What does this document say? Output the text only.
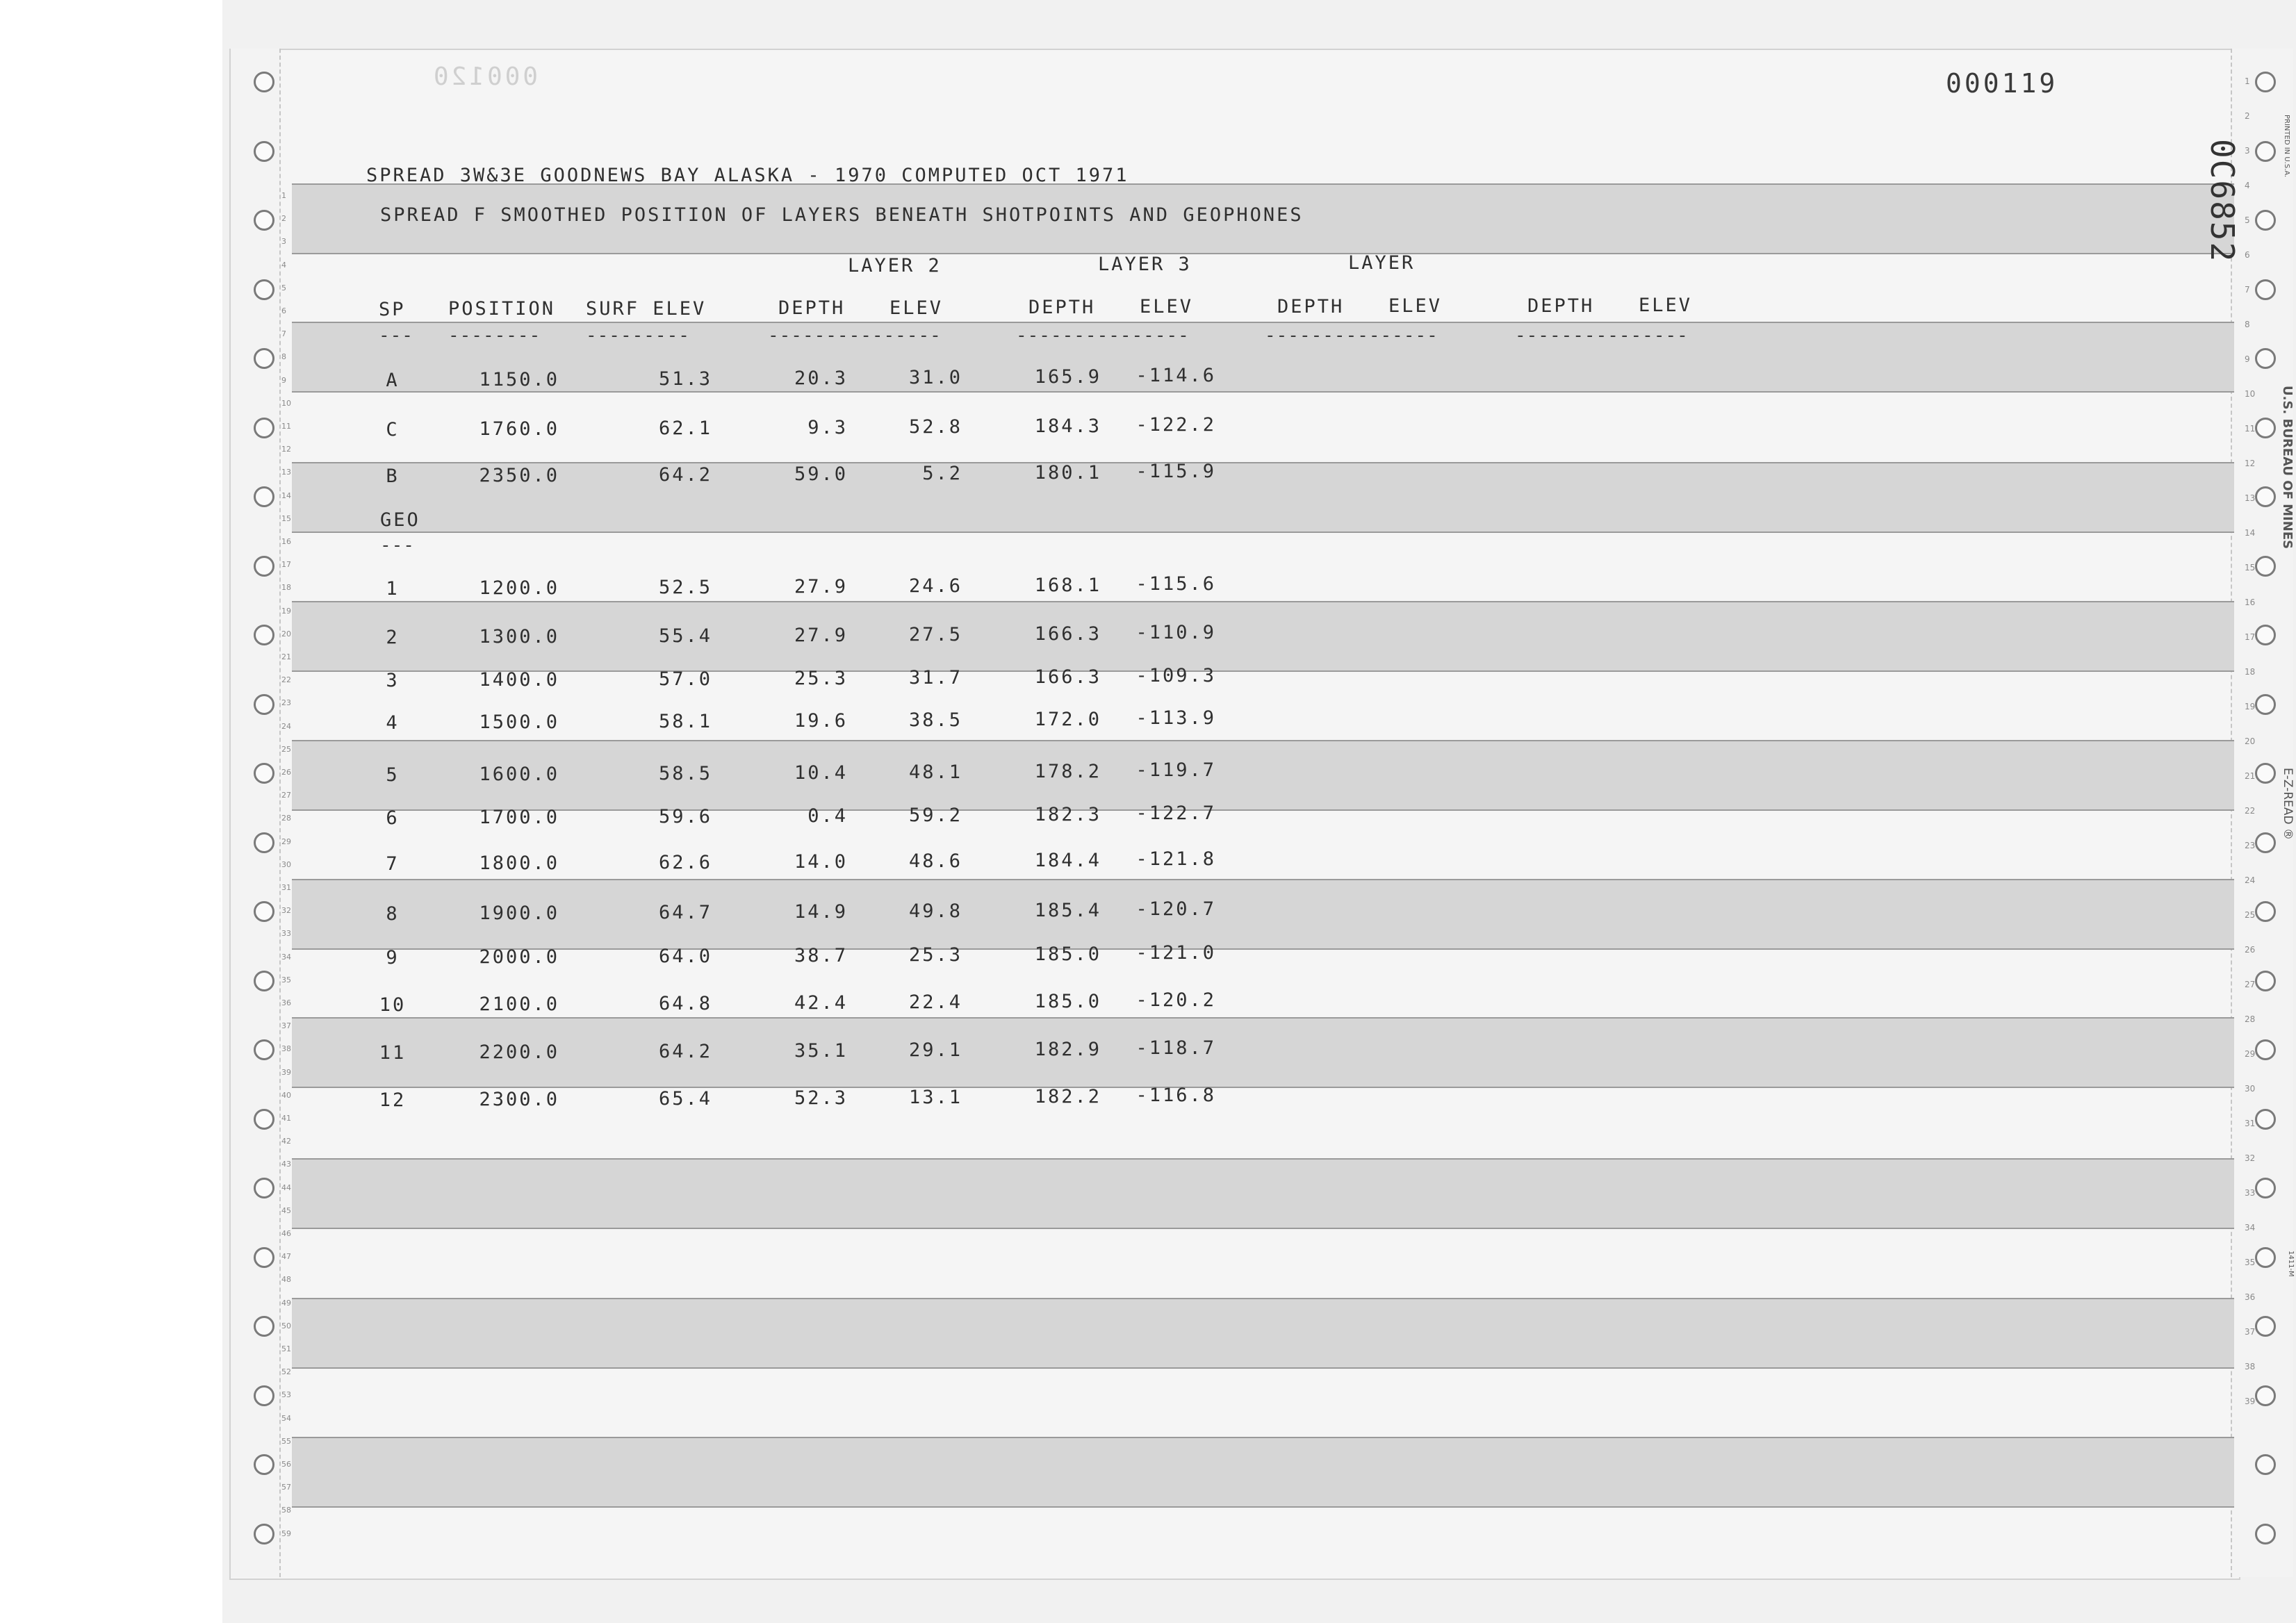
1
2
3
4
5
6
7
8
9
10
11
12
13
14
15
16
17
18
19
20
21
22
23
24
25
26
27
28
29
30
31
32
33
34
35
36
37
38
39
40
41
42
43
44
45
46
47
48
49
50
51
52
53
54
55
56
57
58
59
1
2
3
4
5
6
7
8
9
10
11
12
13
14
15
16
17
18
19
20
21
22
23
24
25
26
27
28
29
30
31
32
33
34
35
36
37
38
39
000120	000119
0C6852	PRINTED IN U.S.A.
U.S. BUREAU OF MINES
E-Z-READ ®
1411-M
SPREAD 3W&3E GOODNEWS BAY ALASKA - 1970 COMPUTED OCT 1971
SPREAD F SMOOTHED POSITION OF LAYERS BENEATH SHOTPOINTS AND GEOPHONES
LAYER 2	LAYER 3	LAYER
SP POSITION SURF ELEV	DEPTH ELEV	DEPTH ELEV	DEPTH ELEV	DEPTH ELEV
--- -------- ---------	---------------	---------------	---------------	---------------
GEO
---
A	1150.0	51.3	20.3	31.0	165.9	-114.6
C	1760.0	62.1	9.3	52.8	184.3	-122.2
B	2350.0	64.2	59.0	5.2	180.1	-115.9
1	1200.0	52.5	27.9	24.6	168.1	-115.6
2	1300.0	55.4	27.9	27.5	166.3	-110.9
3	1400.0	57.0	25.3	31.7	166.3	-109.3
4	1500.0	58.1	19.6	38.5	172.0	-113.9
5	1600.0	58.5	10.4	48.1	178.2	-119.7
6	1700.0	59.6	0.4	59.2	182.3	-122.7
7	1800.0	62.6	14.0	48.6	184.4	-121.8
8	1900.0	64.7	14.9	49.8	185.4	-120.7
9	2000.0	64.0	38.7	25.3	185.0	-121.0
10	2100.0	64.8	42.4	22.4	185.0	-120.2
11	2200.0	64.2	35.1	29.1	182.9	-118.7
12	2300.0	65.4	52.3	13.1	182.2	-116.8
